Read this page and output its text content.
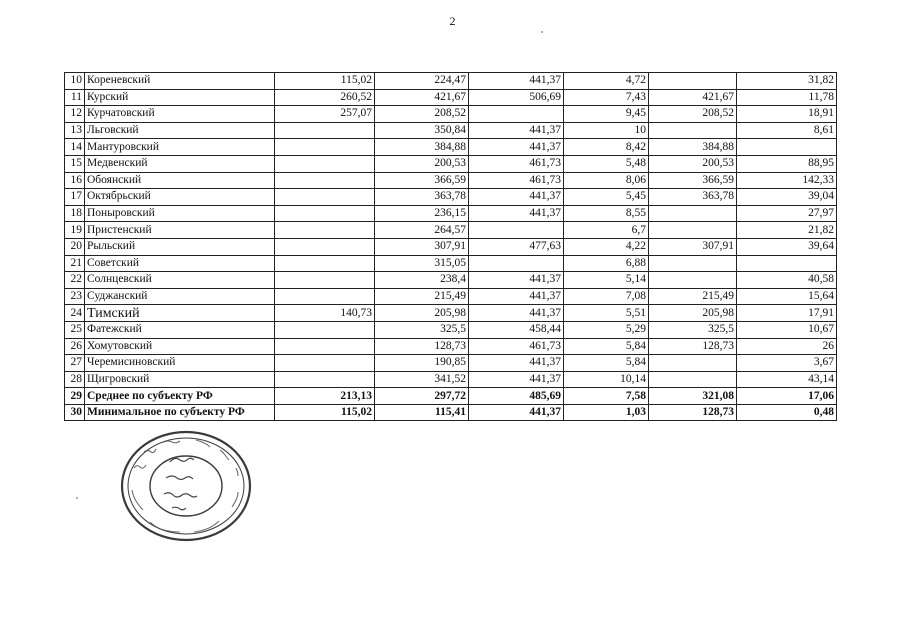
2
10	Кореневский	115,02	224,47	441,37	4,72		31,82
11	Курский	260,52	421,67	506,69	7,43	421,67	11,78
12	Курчатовский	257,07	208,52		9,45	208,52	18,91
13	Льговский		350,84	441,37	10		8,61
14	Мантуровский		384,88	441,37	8,42	384,88	
15	Медвенский		200,53	461,73	5,48	200,53	88,95
16	Обоянский		366,59	461,73	8,06	366,59	142,33
17	Октябрьский		363,78	441,37	5,45	363,78	39,04
18	Поныровский		236,15	441,37	8,55		27,97
19	Пристенский		264,57		6,7		21,82
20	Рыльский		307,91	477,63	4,22	307,91	39,64
21	Советский		315,05		6,88		
22	Солнцевский		238,4	441,37	5,14		40,58
23	Суджанский		215,49	441,37	7,08	215,49	15,64
24	Тимский	140,73	205,98	441,37	5,51	205,98	17,91
25	Фатежский		325,5	458,44	5,29	325,5	10,67
26	Хомутовский		128,73	461,73	5,84	128,73	26
27	Черемисиновский		190,85	441,37	5,84		3,67
28	Щигровский		341,52	441,37	10,14		43,14
29	Среднее по субъекту РФ	213,13	297,72	485,69	7,58	321,08	17,06
30	Минимальное по субъекту РФ	115,02	115,41	441,37	1,03	128,73	0,48
